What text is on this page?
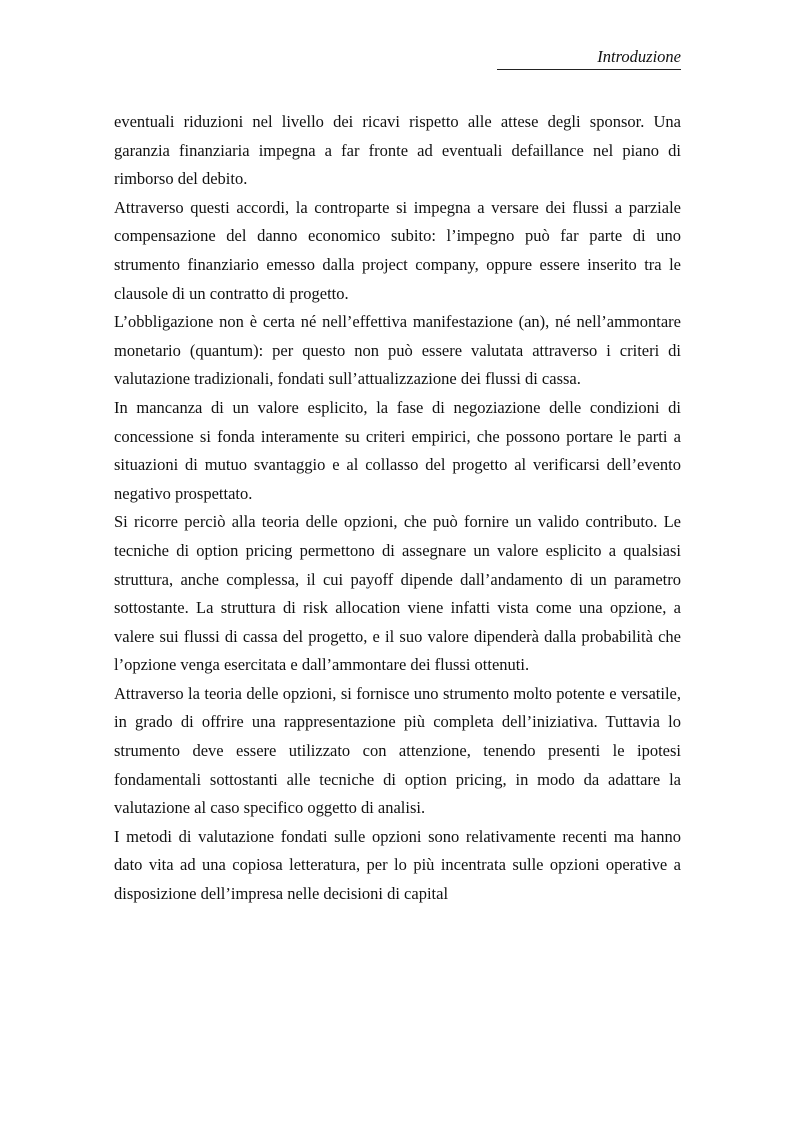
Introduzione

eventuali riduzioni nel livello dei ricavi rispetto alle attese degli sponsor. Una garanzia finanziaria impegna a far fronte ad eventuali defaillance nel piano di rimborso del debito.

Attraverso questi accordi, la controparte si impegna a versare dei flussi a parziale compensazione del danno economico subito: l’impegno può far parte di uno strumento finanziario emesso dalla project company, oppure essere inserito tra le clausole di un contratto di progetto.

L’obbligazione non è certa né nell’effettiva manifestazione (an), né nell’ammontare monetario (quantum): per questo non può essere valutata attraverso i criteri di valutazione tradizionali, fondati sull’attualizzazione dei flussi di cassa.

In mancanza di un valore esplicito, la fase di negoziazione delle condizioni di concessione si fonda interamente su criteri empirici, che possono portare le parti a situazioni di mutuo svantaggio e al collasso del progetto al verificarsi dell’evento negativo prospettato.

Si ricorre perciò alla teoria delle opzioni, che può fornire un valido contributo. Le tecniche di option pricing permettono di assegnare un valore esplicito a qualsiasi struttura, anche complessa, il cui payoff dipende dall’andamento di un parametro sottostante. La struttura di risk allocation viene infatti vista come una opzione, a valere sui flussi di cassa del progetto, e il suo valore dipenderà dalla probabilità che l’opzione venga esercitata e dall’ammontare dei flussi ottenuti.

Attraverso la teoria delle opzioni, si fornisce uno strumento molto potente e versatile, in grado di offrire una rappresentazione più completa dell’iniziativa. Tuttavia lo strumento deve essere utilizzato con attenzione, tenendo presenti le ipotesi fondamentali sottostanti alle tecniche di option pricing, in modo da adattare la valutazione al caso specifico oggetto di analisi.

I metodi di valutazione fondati sulle opzioni sono relativamente recenti ma hanno dato vita ad una copiosa letteratura, per lo più incentrata sulle opzioni operative a disposizione dell’impresa nelle decisioni di capital
